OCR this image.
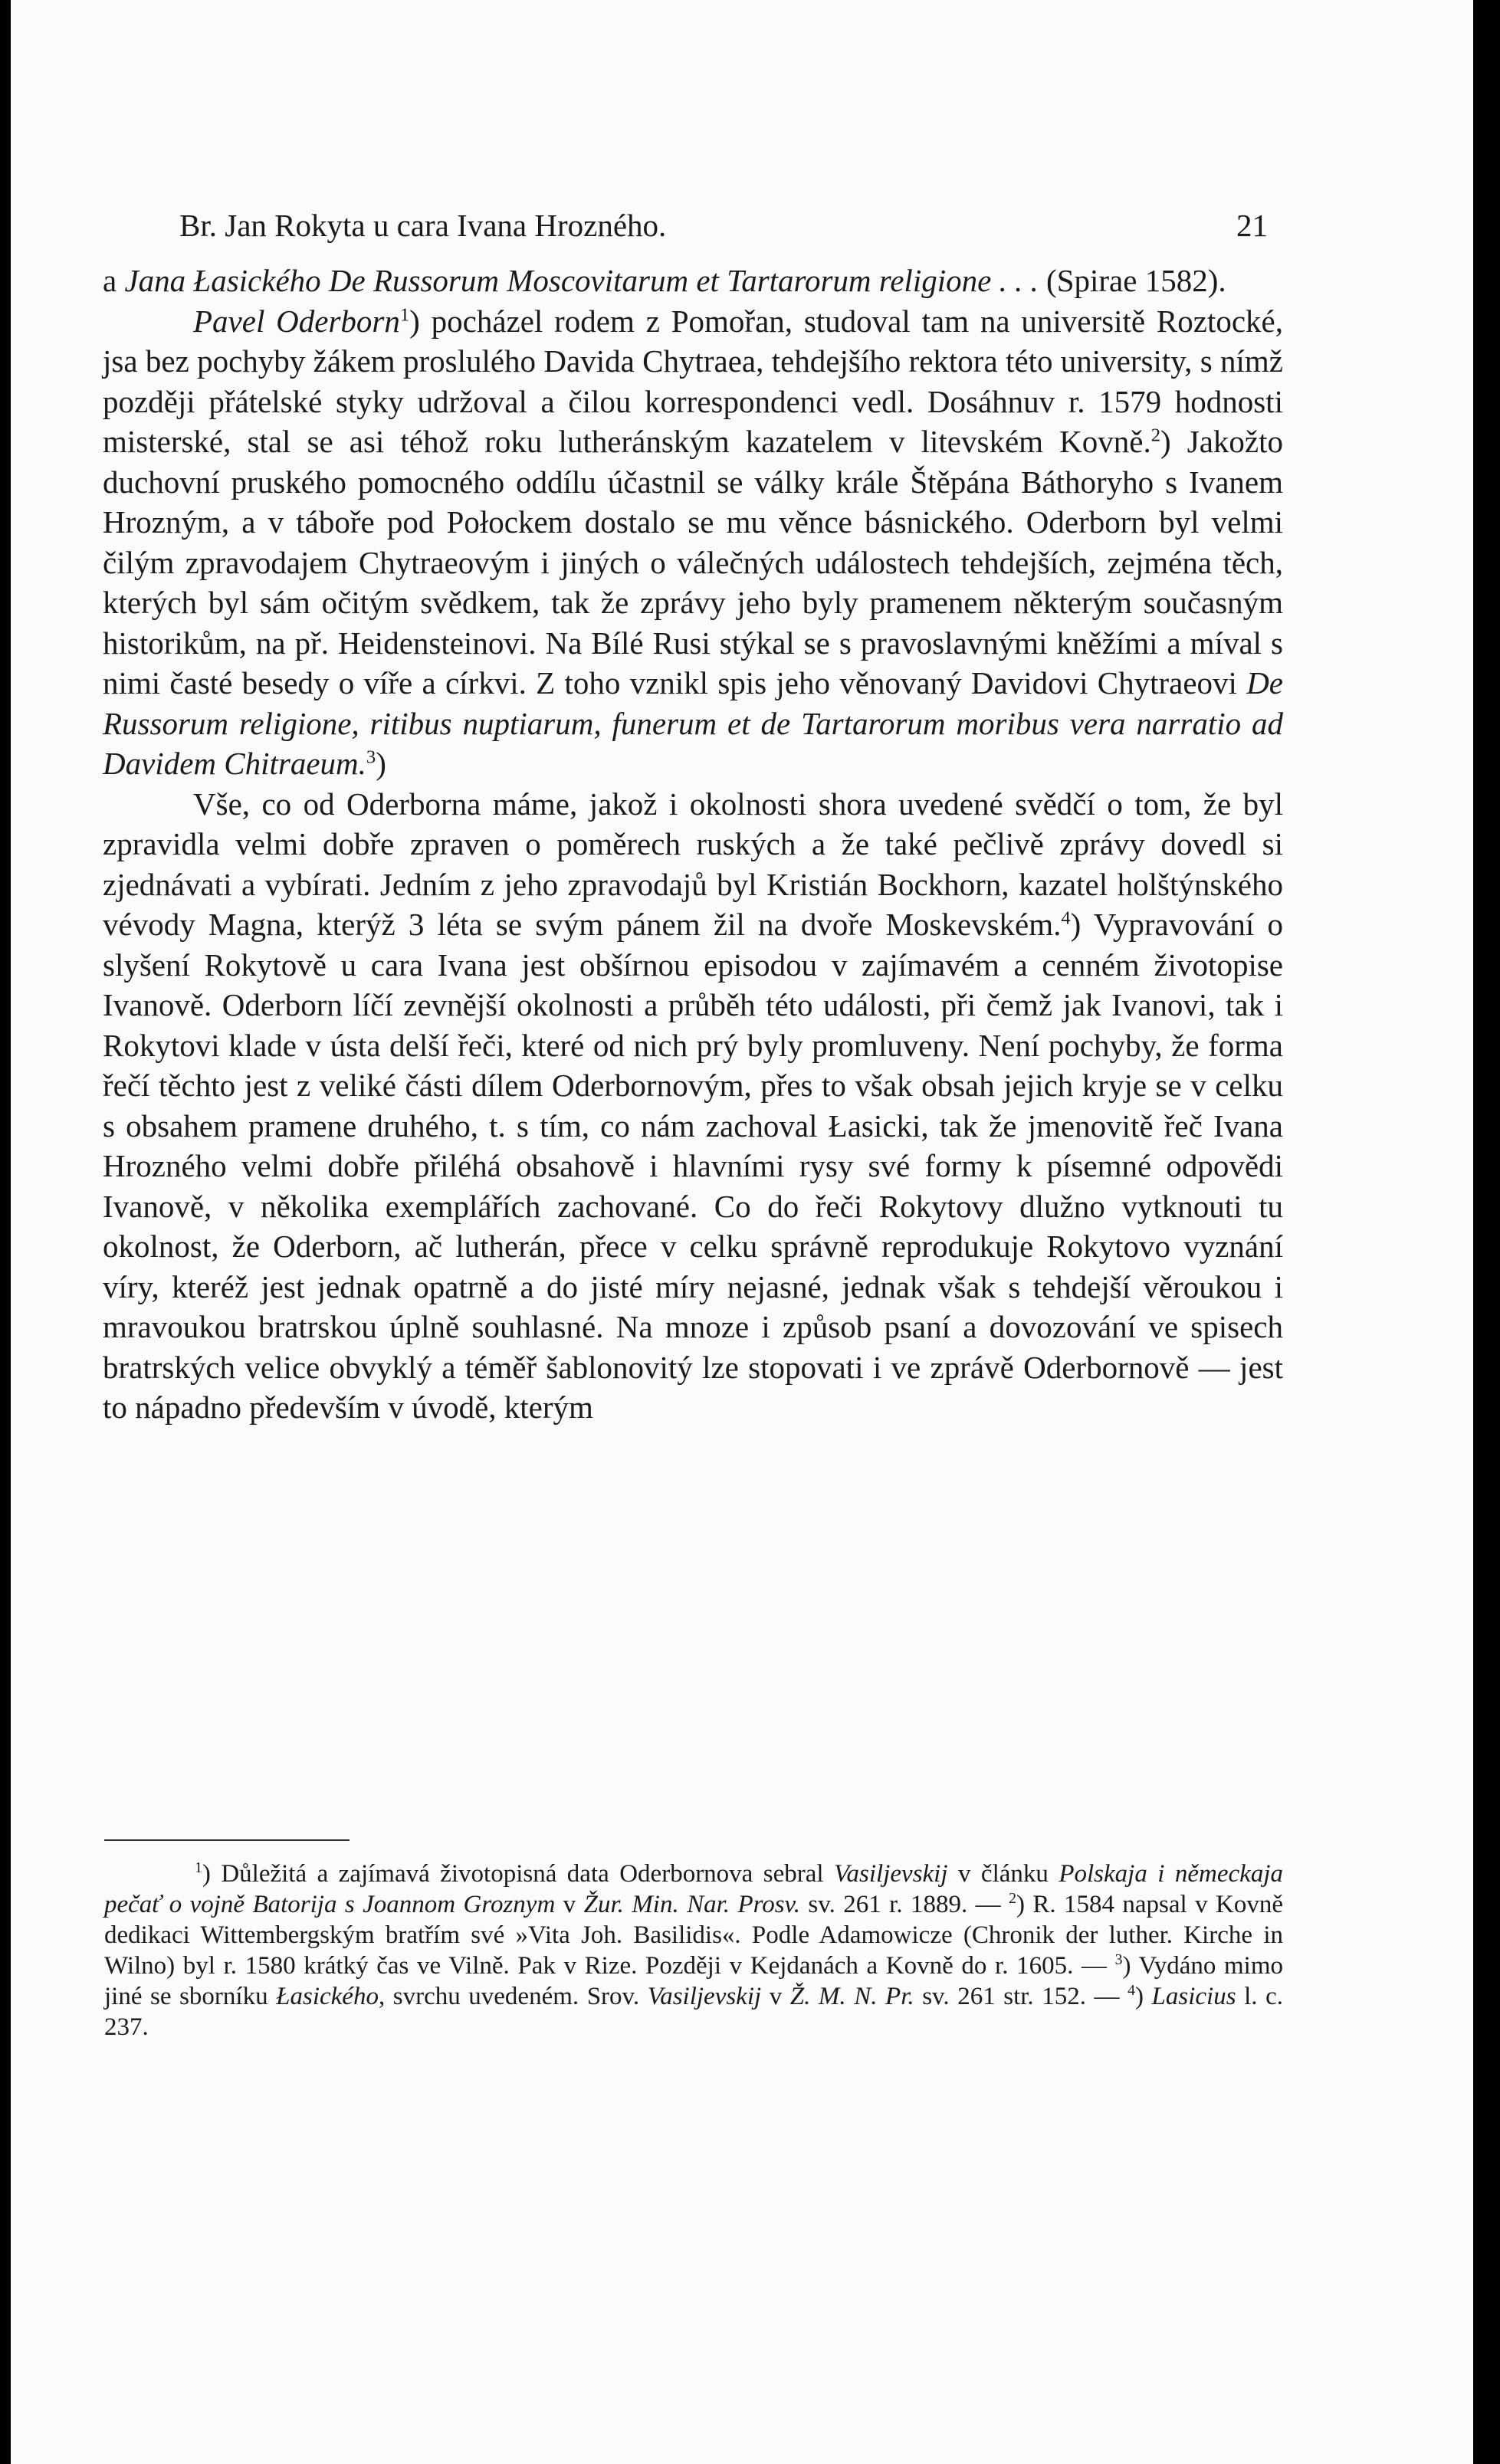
Br. Jan Rokyta u cara Ivana Hrozného.	21

a Jana Łasického De Russorum Moscovitarum et Tartarorum religione . . . (Spirae 1582).

Pavel Oderborn$^1$) pocházel rodem z Pomořan, studoval tam na universitě Roztocké, jsa bez pochyby žákem proslulého Davida Chytraea, tehdejšího rektora této university, s nímž později přátelské styky udržoval a čilou korrespondenci vedl. Dosáhnuv r. 1579 hodnosti misterské, stal se asi téhož roku lutheránským kazatelem v litevském Kovně.$^2$) Jakožto duchovní pruského pomocného oddílu účastnil se války krále Štěpána Báthoryho s Ivanem Hrozným, a v táboře pod Połockem dostalo se mu věnce básnického. Oderborn byl velmi čilým zpravodajem Chytraeovým i jiných o válečných událostech tehdejších, zejména těch, kterých byl sám očitým svědkem, tak že zprávy jeho byly pramenem některým současným historikům, na př. Heidensteinovi. Na Bílé Rusi stýkal se s pravoslavnými kněžími a míval s nimi časté besedy o víře a církvi. Z toho vznikl spis jeho věnovaný Davidovi Chytraeovi De Russorum religione, ritibus nuptiarum, funerum et de Tartarorum moribus vera narratio ad Davidem Chitraeum.$^3$)

Vše, co od Oderborna máme, jakož i okolnosti shora uvedené svědčí o tom, že byl zpravidla velmi dobře zpraven o poměrech ruských a že také pečlivě zprávy dovedl si zjednávati a vybírati. Jedním z jeho zpravodajů byl Kristián Bockhorn, kazatel holštýnského vévody Magna, kterýž 3 léta se svým pánem žil na dvoře Moskevském.$^4$) Vypravování o slyšení Rokytově u cara Ivana jest obšírnou episodou v zajímavém a cenném životopise Ivanově. Oderborn líčí zevnější okolnosti a průběh této události, při čemž jak Ivanovi, tak i Rokytovi klade v ústa delší řeči, které od nich prý byly promluveny. Není pochyby, že forma řečí těchto jest z veliké části dílem Oderbornovým, přes to však obsah jejich kryje se v celku s obsahem pramene druhého, t. s tím, co nám zachoval Łasicki, tak že jmenovitě řeč Ivana Hrozného velmi dobře přiléhá obsahově i hlavními rysy své formy k písemné odpovědi Ivanově, v několika exemplářích zachované. Co do řeči Rokytovy dlužno vytknouti tu okolnost, že Oderborn, ač lutherán, přece v celku správně reprodukuje Rokytovo vyznání víry, kteréž jest jednak opatrně a do jisté míry nejasné, jednak však s tehdejší věroukou i mravoukou bratrskou úplně souhlasné. Na mnoze i způsob psaní a dovozování ve spisech bratrských velice obvyklý a téměř šablonovitý lze stopovati i ve zprávě Oderbornově — jest to nápadno především v úvodě, kterým

$^1$) Důležitá a zajímavá životopisná data Oderbornova sebral Vasiljevskij v článku Polskaja i německaja pečať o vojně Batorija s Joannom Groznym v Žur. Min. Nar. Prosv. sv. 261 r. 1889. — $^2$) R. 1584 napsal v Kovně dedikaci Wittembergským bratřím své »Vita Joh. Basilidis«. Podle Adamowicze (Chronik der luther. Kirche in Wilno) byl r. 1580 krátký čas ve Vilně. Pak v Rize. Později v Kejdanách a Kovně do r. 1605. — $^3$) Vydáno mimo jiné se sborníku Łasického, svrchu uvedeném. Srov. Vasiljevskij v Ž. M. N. Pr. sv. 261 str. 152. — $^4$) Lasicius l. c. 237.
